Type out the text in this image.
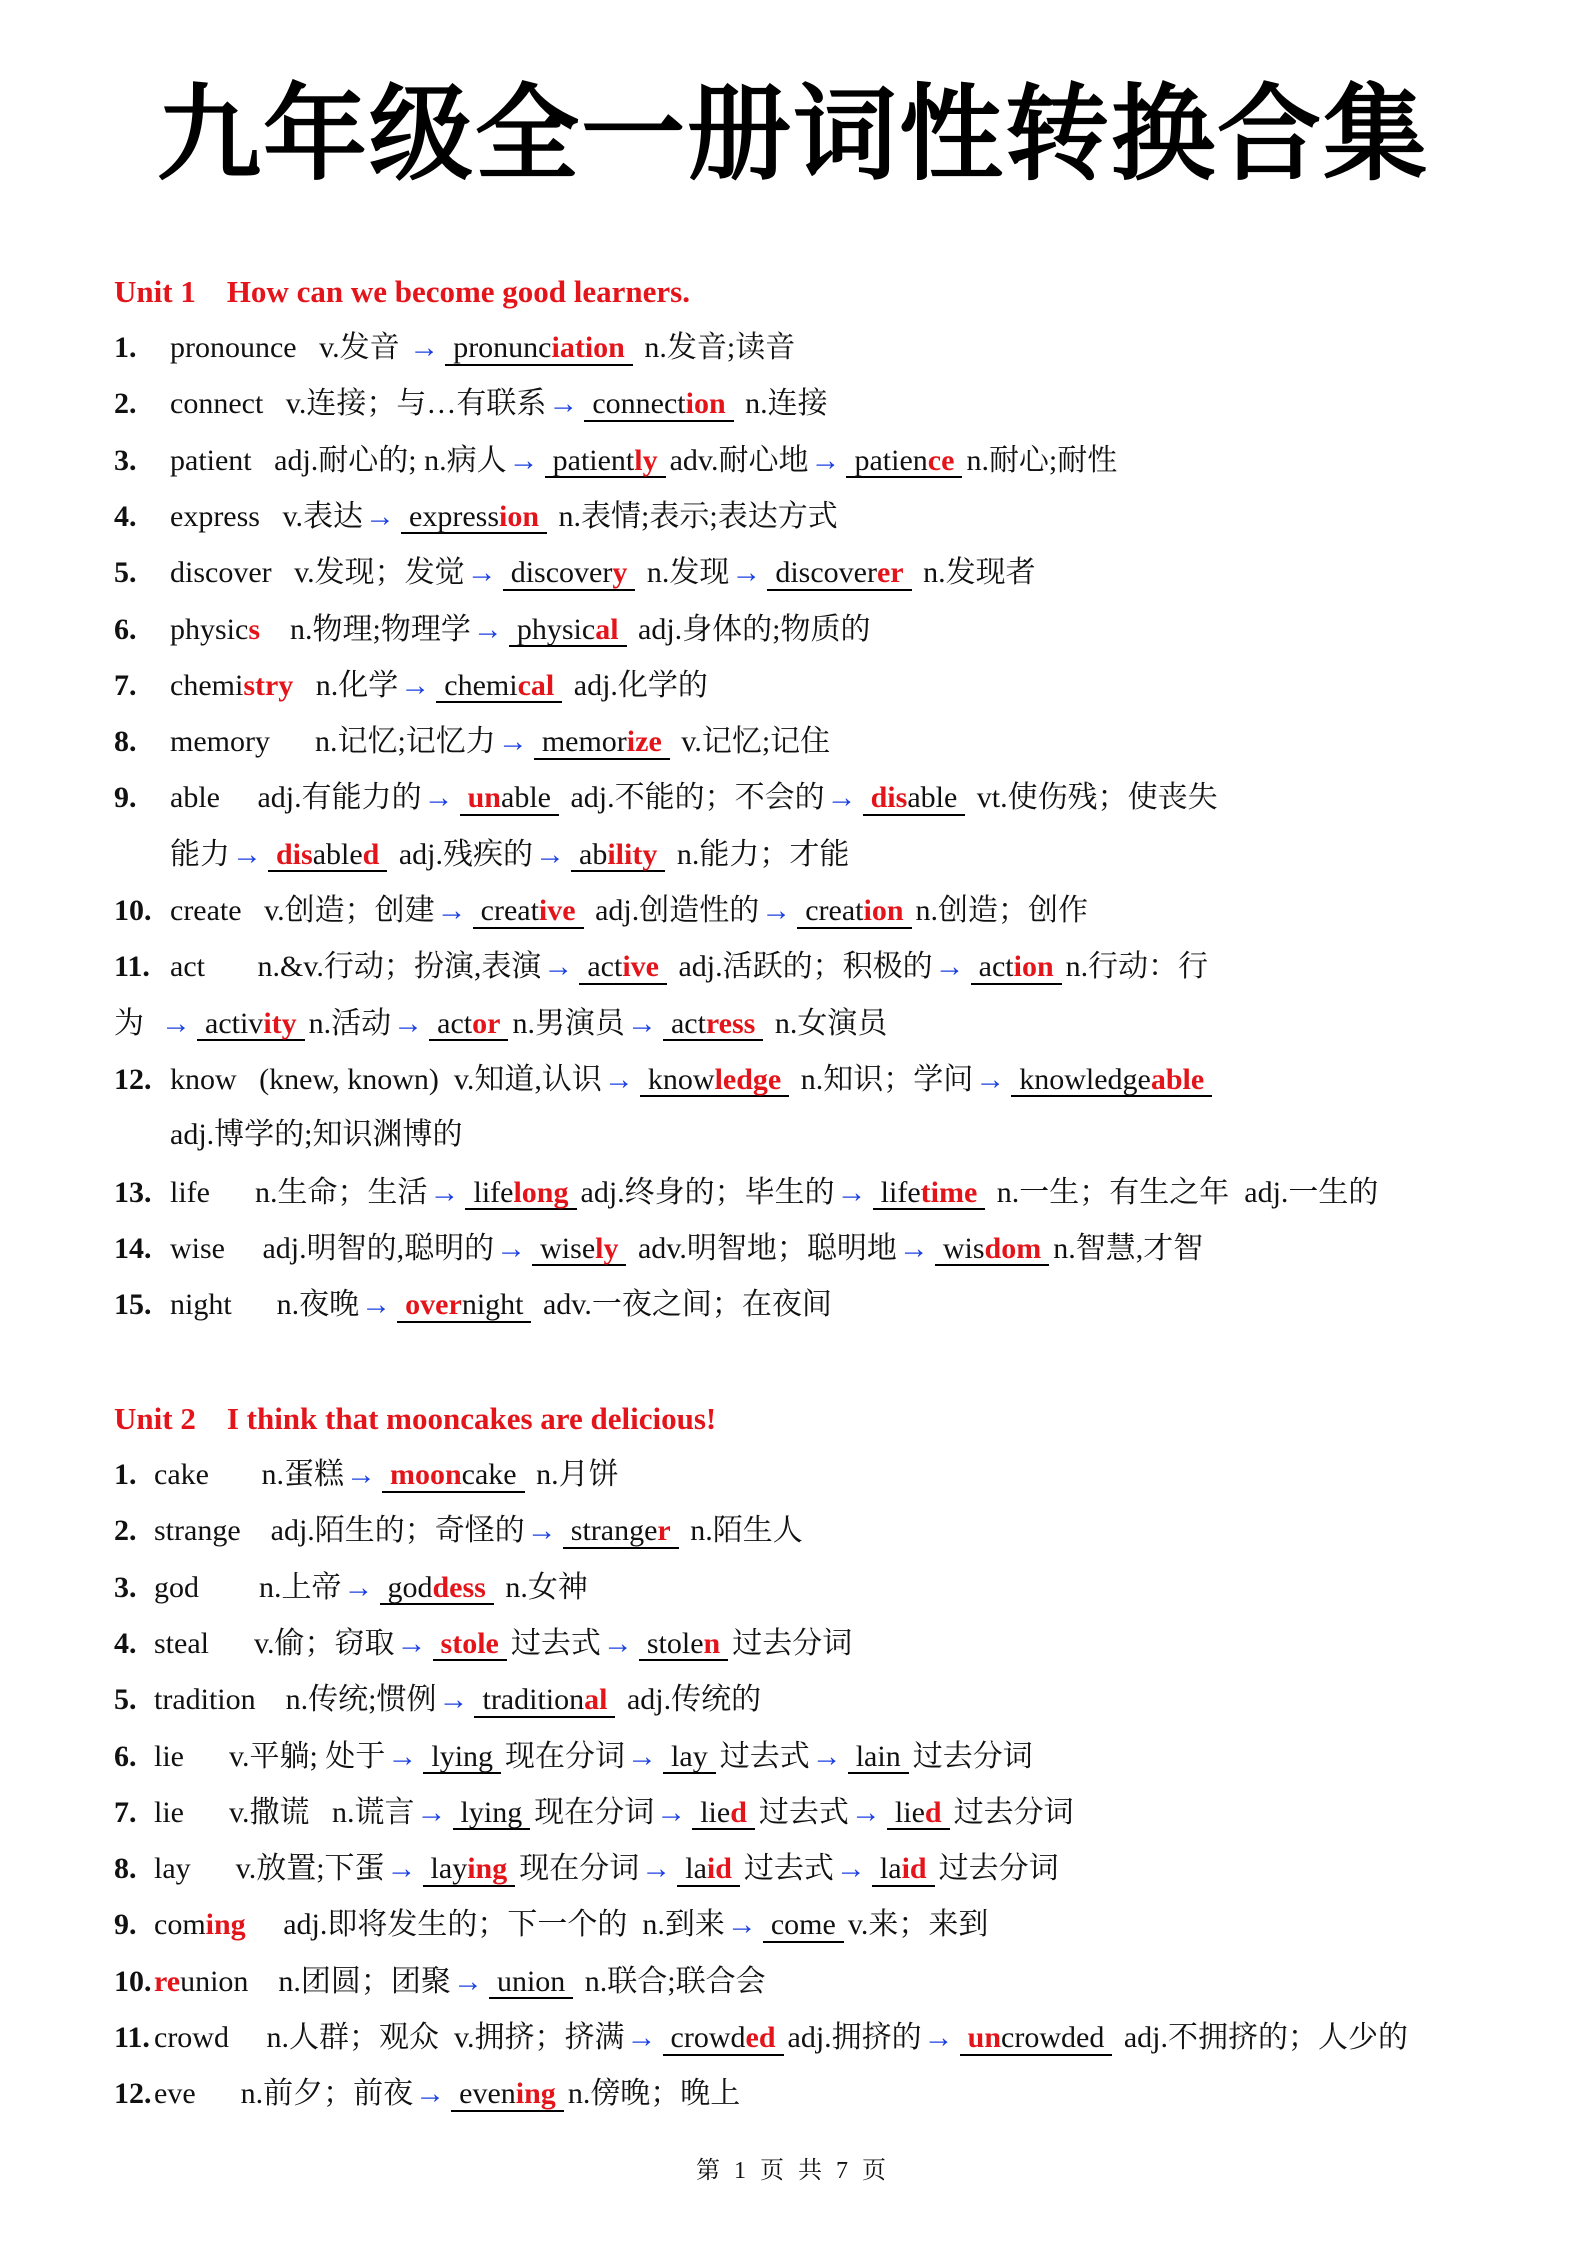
九年级全一册词性转换合集
Unit 1    How can we become good learners.
1. pronounce   v.发音 → pronunciation n.发音;读音
2. connect   v.连接；与…有联系→ connection n.连接
3. patient   adj.耐心的; n.病人→ patiently adv.耐心地→ patience n.耐心;耐性
4. express   v.表达→ expression n.表情;表示;表达方式
5. discover   v.发现；发觉→ discovery n.发现→ discoverer n.发现者
6. physics    n.物理;物理学→ physical adj.身体的;物质的
7. chemistry   n.化学→ chemical adj.化学的
8. memory      n.记忆;记忆力→ memorize v.记忆;记住
9. able     adj.有能力的→ unable adj.不能的；不会的→ disable vt.使伤残；使丧失
能力→ disabled adj.残疾的→ ability n.能力；才能
10. create   v.创造；创建→ creative adj.创造性的→ creation n.创造；创作
11. act       n.&v.行动；扮演,表演→ active adj.活跃的；积极的→ action n.行动：行
为  → activity n.活动→ actor n.男演员→ actress n.女演员
12. know   (knew, known)  v.知道,认识→ knowledge n.知识；学问→ knowledgeable
adj.博学的;知识渊博的
13. life      n.生命；生活→ lifelong adj.终身的；毕生的→ lifetime n.一生；有生之年  adj.一生的
14. wise     adj.明智的,聪明的→ wisely adv.明智地；聪明地→ wisdom n.智慧,才智
15. night      n.夜晚→ overnight adv.一夜之间；在夜间
Unit 2    I think that mooncakes are delicious!
1. cake       n.蛋糕→ mooncake n.月饼
2. strange    adj.陌生的；奇怪的→ stranger n.陌生人
3. god        n.上帝→ goddess n.女神
4. steal      v.偷；窃取→ stole 过去式→ stolen 过去分词
5. tradition    n.传统;惯例→ traditional adj.传统的
6. lie      v.平躺; 处于→ lying 现在分词→ lay 过去式→ lain 过去分词
7. lie      v.撒谎   n.谎言→ lying 现在分词→ lied 过去式→ lied 过去分词
8. lay      v.放置;下蛋→ laying 现在分词→ laid 过去式→ laid 过去分词
9. coming     adj.即将发生的；下一个的  n.到来→ come v.来；来到
10.reunion    n.团圆；团聚→ union n.联合;联合会
11. crowd     n.人群；观众  v.拥挤；挤满→ crowded adj.拥挤的→ uncrowded adj.不拥挤的；人少的
12.eve      n.前夕；前夜→ evening n.傍晚；晚上
第 1 页 共 7 页
